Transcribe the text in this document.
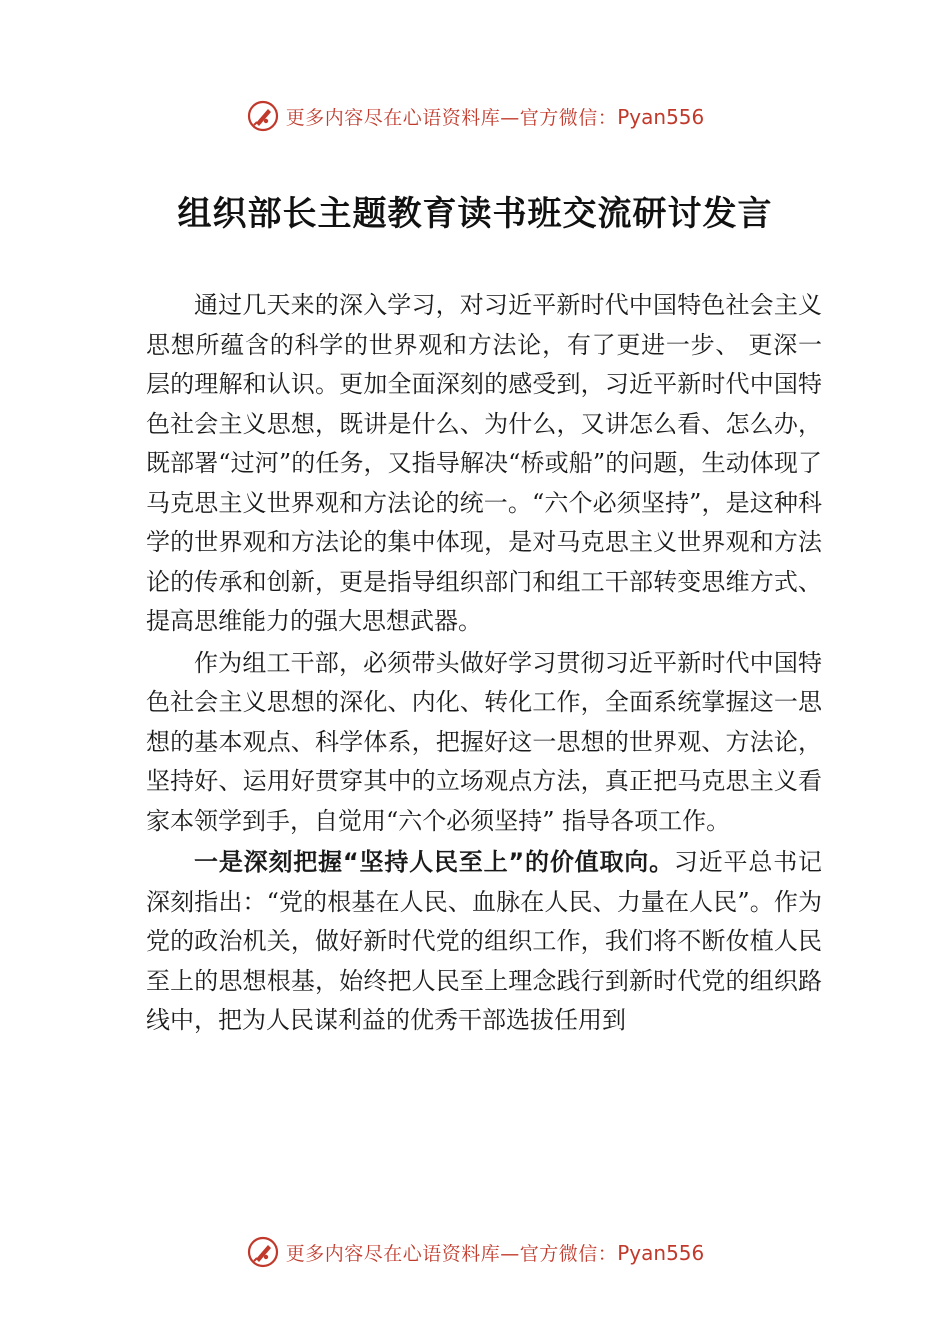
更多内容尽在心语资料库—官方微信：Pyan556
组织部长主题教育读书班交流研讨发言

通过几天来的深入学习，对习近平新时代中国特色社会主义思想所蕴含的科学的世界观和方法论，有了更进一步、 更深一层的理解和认识。更加全面深刻的感受到，习近平新时代中国特色社会主义思想，既讲是什么、为什么，又讲怎么看、怎么办，既部署“过河”的任务，又指导解决“桥或船”的问题，生动体现了马克思主义世界观和方法论的统一。“六个必须坚持”，是这种科学的世界观和方法论的集中体现，是对马克思主义世界观和方法论的传承和创新，更是指导组织部门和组工干部转变思维方式、提高思维能力的强大思想武器。

作为组工干部，必须带头做好学习贯彻习近平新时代中国特色社会主义思想的深化、内化、转化工作，全面系统掌握这一思想的基本观点、科学体系，把握好这一思想的世界观、方法论，坚持好、运用好贯穿其中的立场观点方法，真正把马克思主义看家本领学到手，自觉用“六个必须坚持” 指导各项工作。

一是深刻把握“坚持人民至上”的价值取向。习近平总书记深刻指出：“党的根基在人民、血脉在人民、力量在人民”。作为党的政治机关，做好新时代党的组织工作，我们将不断㚢植人民至上的思想根基，始终把人民至上理念践行到新时代党的组织路线中，把为人民谋利益的优秀干部选拔任用到

更多内容尽在心语资料库—官方微信：Pyan556
